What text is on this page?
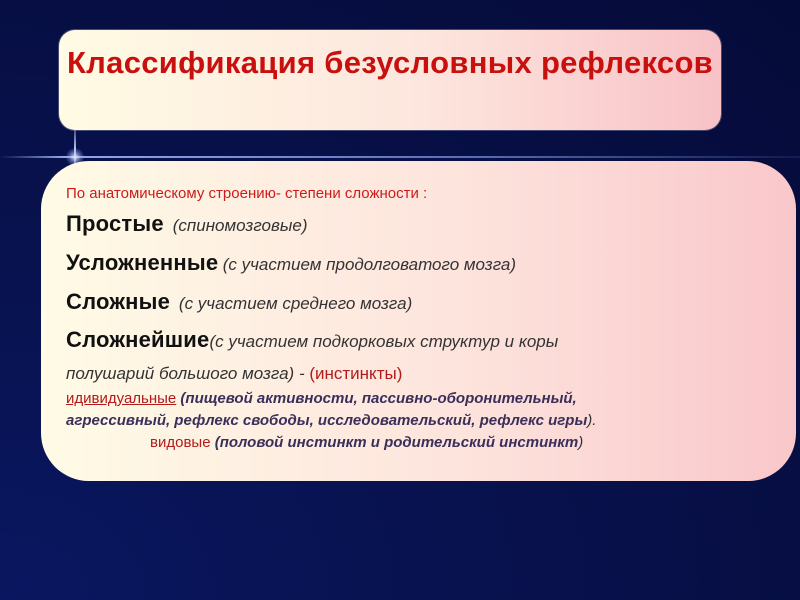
Классификация безусловных рефлексов
По анатомическому строению- степени сложности :
Простые (спиномозговые)
Усложненные (с участием продолговатого мозга)
Сложные (с участием среднего мозга)
Сложнейшие(с участием подкорковых структур и коры
полушарий большого мозга) - (инстинкты)
идивидуальные (пищевой активности, пассивно-оборонительный,
агрессивный, рефлекс свободы, исследовательский, рефлекс игры).
видовые (половой инстинкт и родительский инстинкт)
